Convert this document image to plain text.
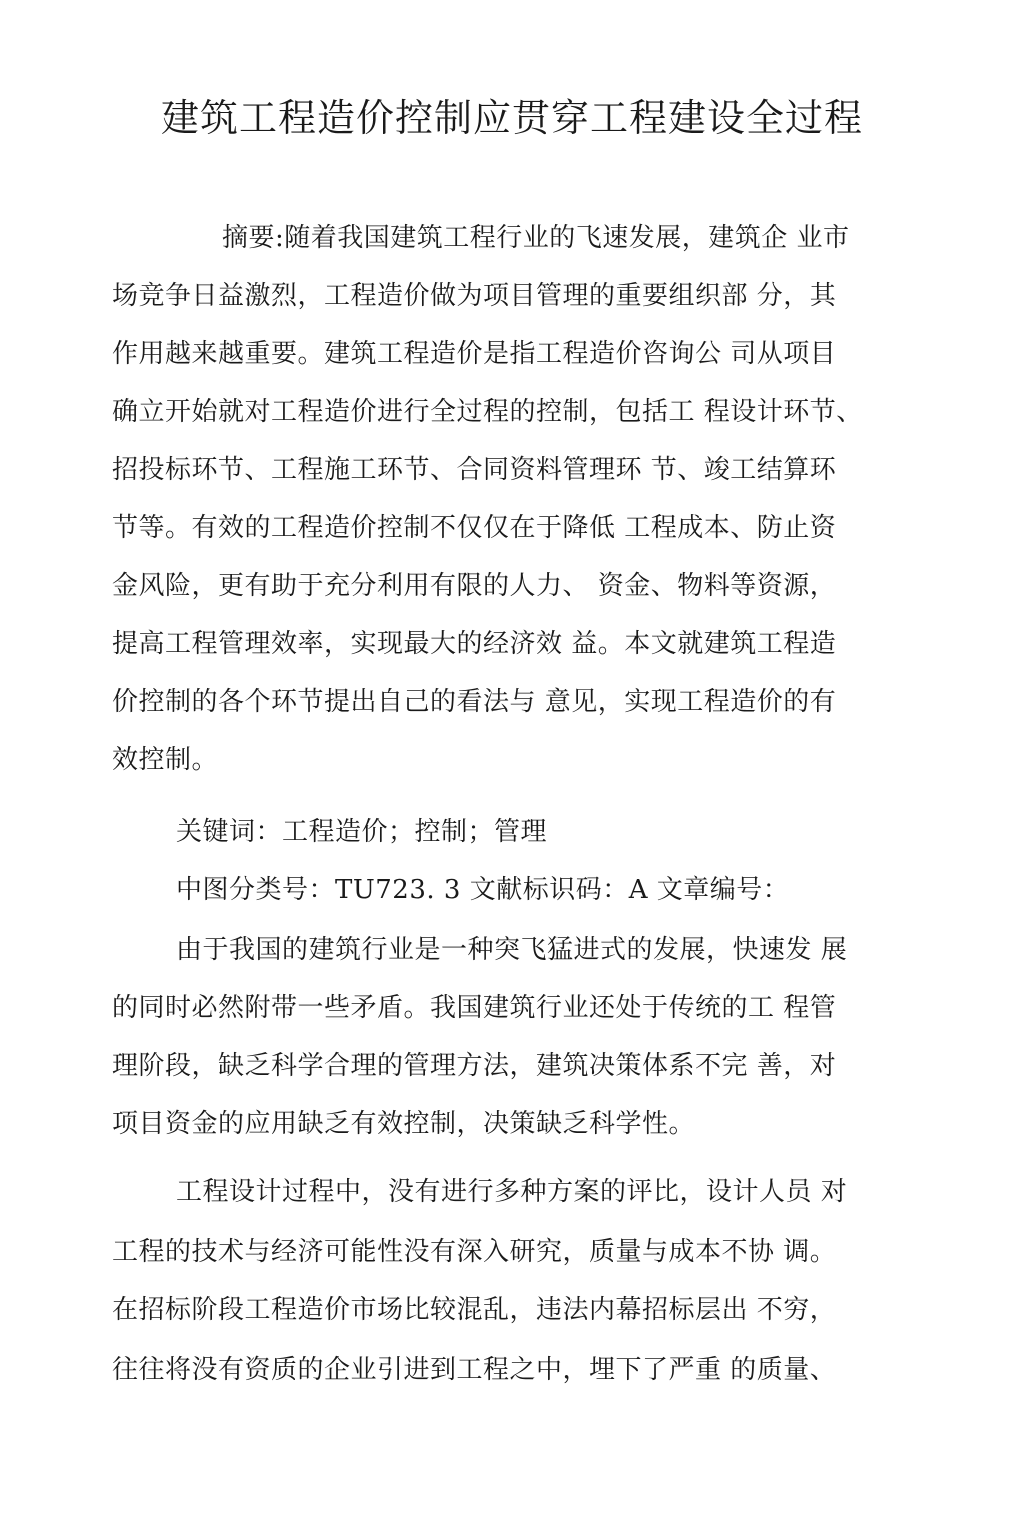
建筑工程造价控制应贯穿工程建设全过程
摘要:随着我国建筑工程行业的飞速发展，建筑企 业市
场竞争日益激烈，工程造价做为项目管理的重要组织部 分，其
作用越来越重要。建筑工程造价是指工程造价咨询公 司从项目
确立开始就对工程造价进行全过程的控制，包括工 程设计环节、
招投标环节、工程施工环节、合同资料管理环 节、竣工结算环
节等。有效的工程造价控制不仅仅在于降低 工程成本、防止资
金风险，更有助于充分利用有限的人力、 资金、物料等资源，
提高工程管理效率，实现最大的经济效 益。本文就建筑工程造
价控制的各个环节提出自己的看法与 意见，实现工程造价的有
效控制。
关键词：工程造价；控制；管理
中图分类号：TU723. 3 文献标识码：A 文章编号：
由于我国的建筑行业是一种突飞猛进式的发展，快速发 展
的同时必然附带一些矛盾。我国建筑行业还处于传统的工 程管
理阶段，缺乏科学合理的管理方法，建筑决策体系不完 善，对
项目资金的应用缺乏有效控制，决策缺乏科学性。
工程设计过程中，没有进行多种方案的评比，设计人员 对
工程的技术与经济可能性没有深入研究，质量与成本不协 调。
在招标阶段工程造价市场比较混乱，违法内幕招标层出 不穷，
往往将没有资质的企业引进到工程之中，埋下了严重 的质量、
